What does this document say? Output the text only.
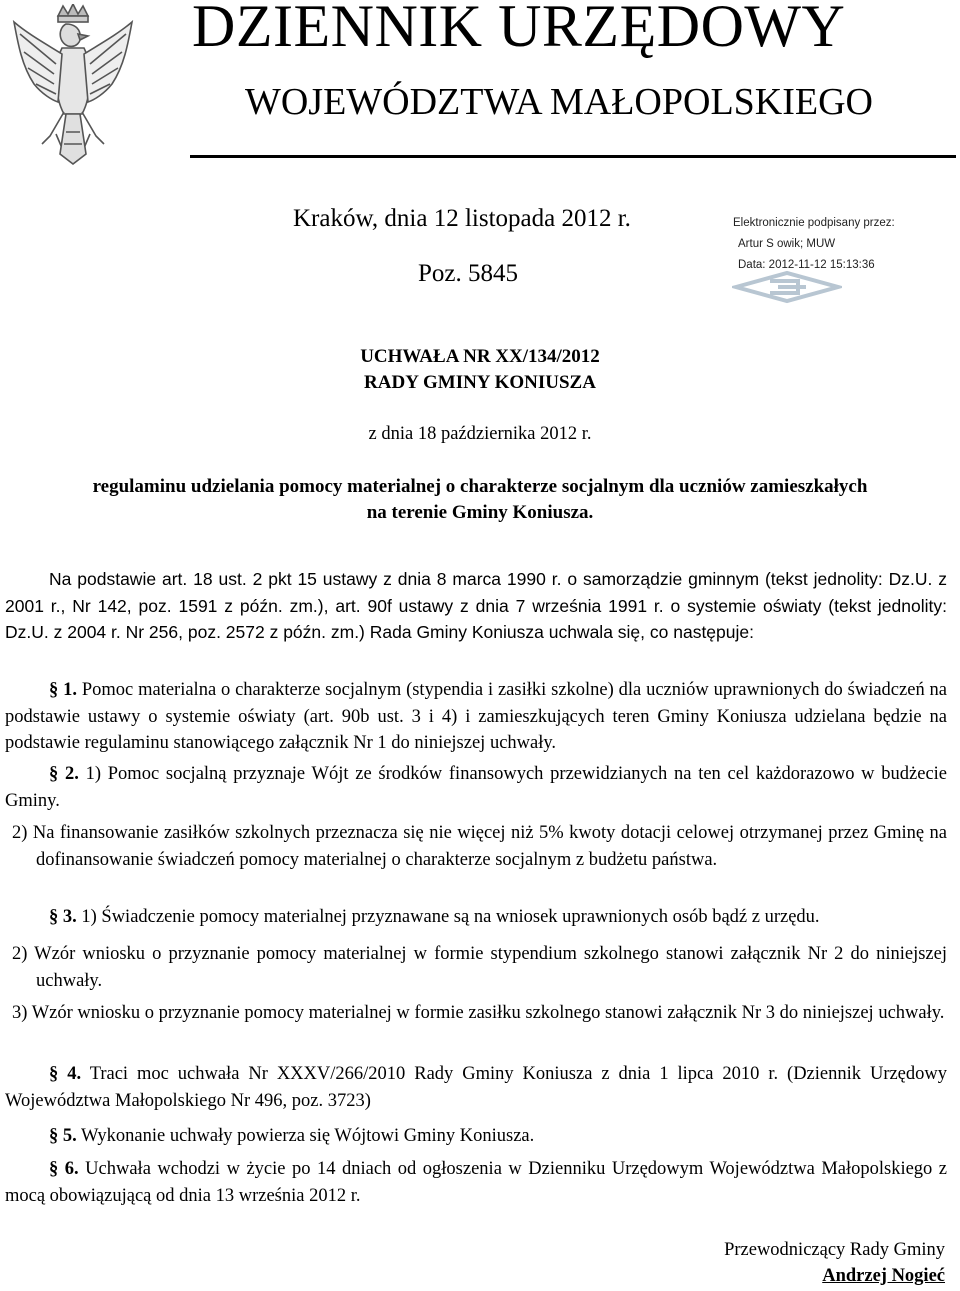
DZIENNIK URZĘDOWY
WOJEWÓDZTWA MAŁOPOLSKIEGO
Kraków, dnia 12 listopada 2012 r.
Poz. 5845
Elektronicznie podpisany przez:
Artur S owik; MUW
Data: 2012-11-12 15:13:36
UCHWAŁA NR XX/134/2012
RADY GMINY KONIUSZA
z dnia 18 października 2012 r.
regulaminu udzielania pomocy materialnej o charakterze socjalnym dla uczniów zamieszkałych
na terenie Gminy Koniusza.
Na podstawie art. 18 ust. 2 pkt 15 ustawy z dnia 8 marca 1990 r. o samorządzie gminnym (tekst jednolity: Dz.U. z 2001 r., Nr 142, poz. 1591 z późn. zm.), art. 90f ustawy z dnia 7 września 1991 r. o systemie oświaty (tekst jednolity: Dz.U. z 2004 r. Nr 256, poz. 2572 z późn. zm.) Rada Gminy Koniusza uchwala się, co następuje:
§ 1. Pomoc materialna o charakterze socjalnym (stypendia i zasiłki szkolne) dla uczniów uprawnionych do świadczeń na podstawie ustawy o systemie oświaty (art. 90b ust. 3 i 4) i zamieszkujących teren Gminy Koniusza udzielana będzie na podstawie regulaminu stanowiącego załącznik Nr 1 do niniejszej uchwały.
§ 2. 1) Pomoc socjalną przyznaje Wójt ze środków finansowych przewidzianych na ten cel każdorazowo w budżecie Gminy.
2) Na finansowanie zasiłków szkolnych przeznacza się nie więcej niż 5% kwoty dotacji celowej otrzymanej przez Gminę na dofinansowanie świadczeń pomocy materialnej o charakterze socjalnym z budżetu państwa.
§ 3. 1) Świadczenie pomocy materialnej przyznawane są na wniosek uprawnionych osób bądź z urzędu.
2) Wzór wniosku o przyznanie pomocy materialnej w formie stypendium szkolnego stanowi załącznik Nr 2 do niniejszej uchwały.
3) Wzór wniosku o przyznanie pomocy materialnej w formie zasiłku szkolnego stanowi załącznik Nr 3 do niniejszej uchwały.
§ 4. Traci moc uchwała Nr XXXV/266/2010 Rady Gminy Koniusza z dnia 1 lipca 2010 r. (Dziennik Urzędowy Województwa Małopolskiego Nr 496, poz. 3723)
§ 5. Wykonanie uchwały powierza się Wójtowi Gminy Koniusza.
§ 6. Uchwała wchodzi w życie po 14 dniach od ogłoszenia w Dzienniku Urzędowym Województwa Małopolskiego z mocą obowiązującą od dnia 13 września 2012 r.
Przewodniczący Rady Gminy
Andrzej Nogieć
